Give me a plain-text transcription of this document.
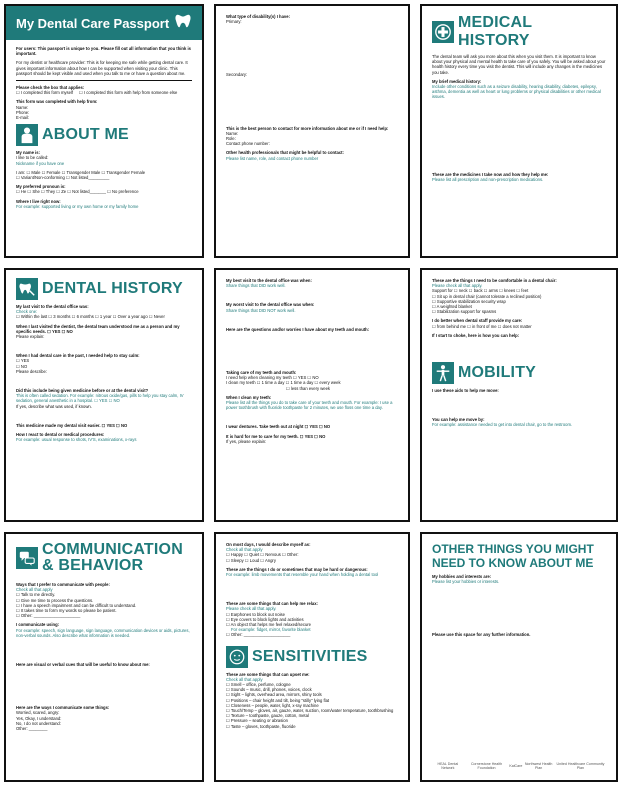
My Dental Care Passport
For users: This passport is unique to you. Please fill out all information that you think is important.
For my dentist or healthcare provider: This is for keeping me safe while getting dental care. It gives important information about how I can be supported when visiting your clinic. This passport should be kept visible and used when you talk to me or have a question about me.
Please check the box that applies:
☐ I completed this form myself ☐ I completed this form with help from someone else
This form was completed with help from:
Name:
Phone:
E-mail:
ABOUT ME
My name is:
I like to be called:
Nickname if you have one
I am: ☐ Male ☐ Female ☐ Transgender Male ☐ Transgender Female
☐ Variant/Non-conforming ☐ Not listed_________
My preferred pronoun is:
☐ He ☐ She ☐ They ☐ Ze ☐ Not listed_______ ☐ No preference
Where I live right now:
For example: supported living or my own home or my family home
What type of disability(s) I have:
Primary:
Secondary:
This is the best person to contact for more information about me or if I need help:
Name:
Role:
Contact phone number:
Other health professionals that might be helpful to contact:
Please list name, role, and contact phone number
MEDICAL HISTORY
The dental team will ask you more about this when you visit them. It is important to know about your physical and mental health to take care of you safely. You will be asked about your health history every time you visit the dentist. This will include any changes in the medicines you take.
My brief medical history:
Include other conditions such as a seizure disability, hearing disability, diabetes, epilepsy, asthma, dementia as well as heart or lung problems or physical disabilities or other medical issues.
These are the medicines I take now and how they help me:
Please list all prescription and non-prescription medications.
DENTAL HISTORY
My last visit to the dental office was:
Check one:
☐ Within the last ☐ 3 months ☐ 6 months ☐ 1 year ☐ Over a year ago ☐ Never
When I last visited the dentist, the dental team understood me as a person and my specific needs. ☐ YES ☐ NO
Please explain:
When I had dental care in the past, I needed help to stay calm:
☐ YES
☐ NO
Please describe:
Did this include being given medicine before or at the dental visit?
This is often called sedation. For example: nitrous oxide/gas, pills to help you stay calm, IV sedation, general anesthetic in a hospital. ☐ YES ☐ NO
If yes, describe what was used, if known.
This medicine made my dental visit easier. ☐ YES ☐ NO
How I react to dental or medical procedures:
For example: usual response to shots, IV'S, examinations, x-rays
My best visit to the dental office was when:
Share things that DID work well.
My worst visit to the dental office was when:
Share things that DID NOT work well.
Here are the questions and/or worries I have about my teeth and mouth:
Taking care of my teeth and mouth:
I need help when cleaning my teeth ☐ YES ☐ NO
I clean my teeth ☐ 1 time a day ☐ 1 time a day ☐ every week
☐ less than every week
When I clean my teeth:
Please list all the things you do to take care of your teeth and mouth. For example: I use a power toothbrush with fluoride toothpaste for 2 minutes, we use floss one time a day.
I wear dentures. Take teeth out at night ☐ YES ☐ NO
It is hard for me to care for my teeth. ☐ YES ☐ NO
If yes, please explain:
These are the things I need to be comfortable in a dental chair:
Please check all that apply.
Support for ☐ neck ☐ back ☐ arms ☐ knees ☐ feet
☐ Sit up in dental chair (cannot tolerate a reclined position)
☐ Supportive stabilization security wrap
☐ A weighted blanket
☐ Stabilization support for spasms
I do better when dental staff provide my care:
☐ from behind me ☐ in front of me ☐ does not matter
If I start to choke, here is how you can help:
MOBILITY
I use these aids to help me move:
You can help me move by:
For example: assistance needed to get into dental chair, go to the restroom.
COMMUNICATION
& BEHAVIOR
Ways that I prefer to communicate with people:
Check all that apply
☐ Talk to me directly.
☐ Give me time to process the questions.
☐ I have a speech impairment and can be difficult to understand.
☐ It takes time to form my words so please be patient.
☐ Other: ____________________
I communicate using:
For example: speech, sign language, sign language, communication devices or aids, pictures, non-verbal sounds. Also describe what information is needed.
Here are visual or verbal cues that will be useful to know about me:
Here are the ways I communicate some things:
Worried, scared, angry:
Yes, Okay, I understand:
No, I do not understand:
Other: ________
On most days, I would describe myself as:
Check all that apply
☐ Happy ☐ Quiet ☐ Nervous ☐ Other:
☐ Sleepy ☐ Loud ☐ Angry
These are the things I do or sometimes that may be hard or dangerous:
For example: limb movements that resemble your hand when holding a dental tool
These are some things that can help me relax:
Please check all that apply.
☐ Earphones to block out noise
☐ Eye covers to block lights and activities
☐ An object that helps me feel relaxed/secure
For example: fidget, mirror, favorite blanket
☐ Other: ____________________
SENSITIVITIES
These are some things that can upset me:
Check all that apply
☐ Smell – office, perfume, cologne
☐ Sounds – music, drill, phones, voices, clock
☐ Sight – lights, overhead area, mirrors, shiny tools
☐ Positions – chair height and tilt, being "stilly" lying flat
☐ Closeness – people, water, light, x-ray machine
☐ Touch/Temp – gloves, air, gauze, water, suction, room/water temperature, toothbrushing
☐ Texture – toothpaste, gauze, cotton, metal
☐ Pressure – seating or abrasion
☐ Taste – gloves, toothpaste, fluoride
OTHER THINGS YOU MIGHT
NEED TO KNOW ABOUT ME
My hobbies and interests are:
Please list your hobbies or interests.
Please use this space for any further information.
HEAL Dental Network
Cornerstone Health Foundation	KaiCare Northwest Health Plan
United Healthcare Community Plan
